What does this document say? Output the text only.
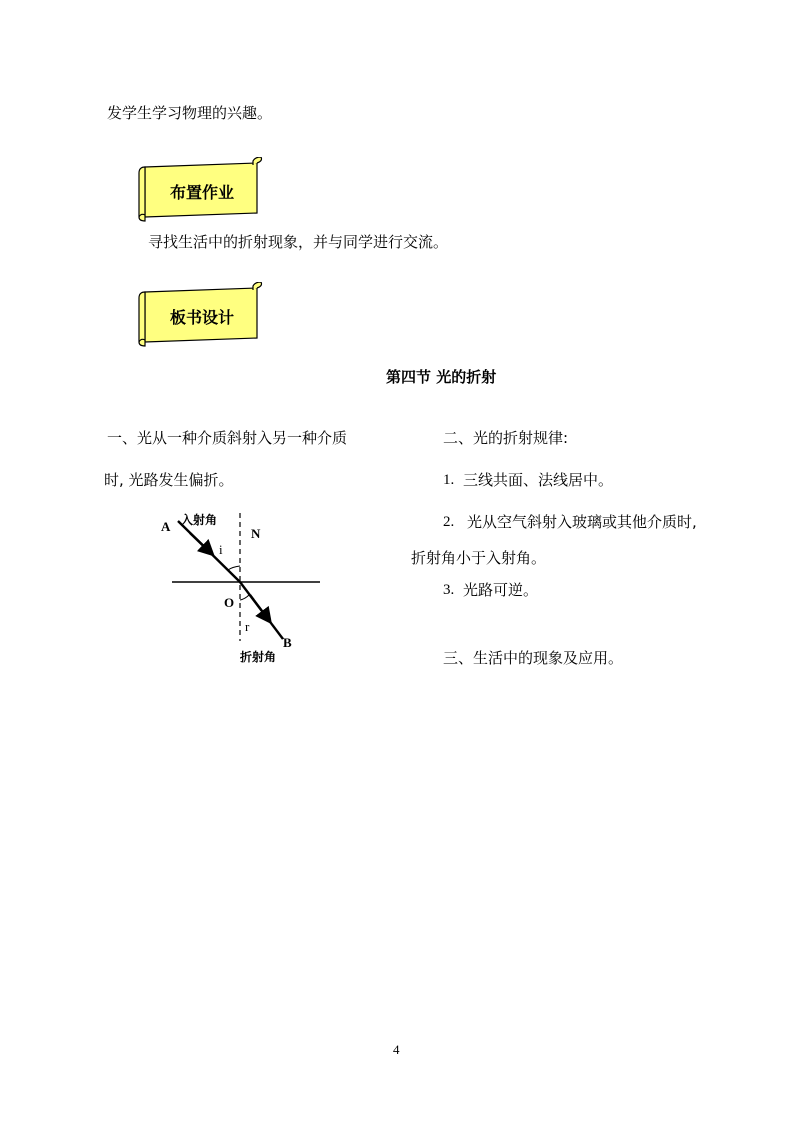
发学生学习物理的兴趣。
布置作业
寻找生活中的折射现象，并与同学进行交流。
板书设计
第四节 光的折射
一、光从一种介质斜射入另一种介质
时, 光路发生偏折。
A 入射角
N
i
O
r
B
折射角
二、光的折射规律:
1. 三线共面、法线居中。
2. 光从空气斜射入玻璃或其他介质时,
折射角小于入射角。
3. 光路可逆。
三、生活中的现象及应用。
4
